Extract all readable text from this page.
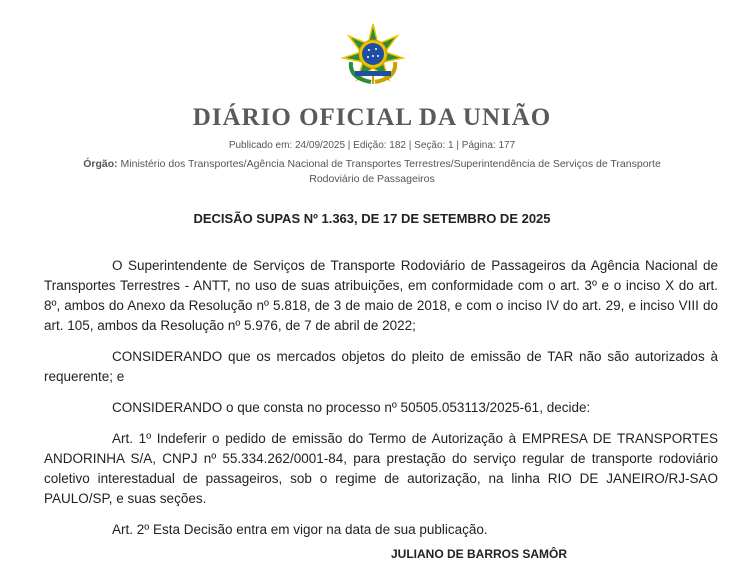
DIÁRIO OFICIAL DA UNIÃO
Publicado em: 24/09/2025 | Edição: 182 | Seção: 1 | Página: 177
Órgão: Ministério dos Transportes/Agência Nacional de Transportes Terrestres/Superintendência de Serviços de Transporte Rodoviário de Passageiros
DECISÃO SUPAS Nº 1.363, DE 17 DE SETEMBRO DE 2025

O Superintendente de Serviços de Transporte Rodoviário de Passageiros da Agência Nacional de Transportes Terrestres - ANTT, no uso de suas atribuições, em conformidade com o art. 3º e o inciso X do art. 8º, ambos do Anexo da Resolução nº 5.818, de 3 de maio de 2018, e com o inciso IV do art. 29, e inciso VIII do art. 105, ambos da Resolução nº 5.976, de 7 de abril de 2022;

CONSIDERANDO que os mercados objetos do pleito de emissão de TAR não são autorizados à requerente; e

CONSIDERANDO o que consta no processo nº 50505.053113/2025-61, decide:

Art. 1º Indeferir o pedido de emissão do Termo de Autorização à EMPRESA DE TRANSPORTES ANDORINHA S/A, CNPJ nº 55.334.262/0001-84, para prestação do serviço regular de transporte rodoviário coletivo interestadual de passageiros, sob o regime de autorização, na linha RIO DE JANEIRO/RJ-SAO PAULO/SP, e suas seções.

Art. 2º Esta Decisão entra em vigor na data de sua publicação.

JULIANO DE BARROS SAMÔR
